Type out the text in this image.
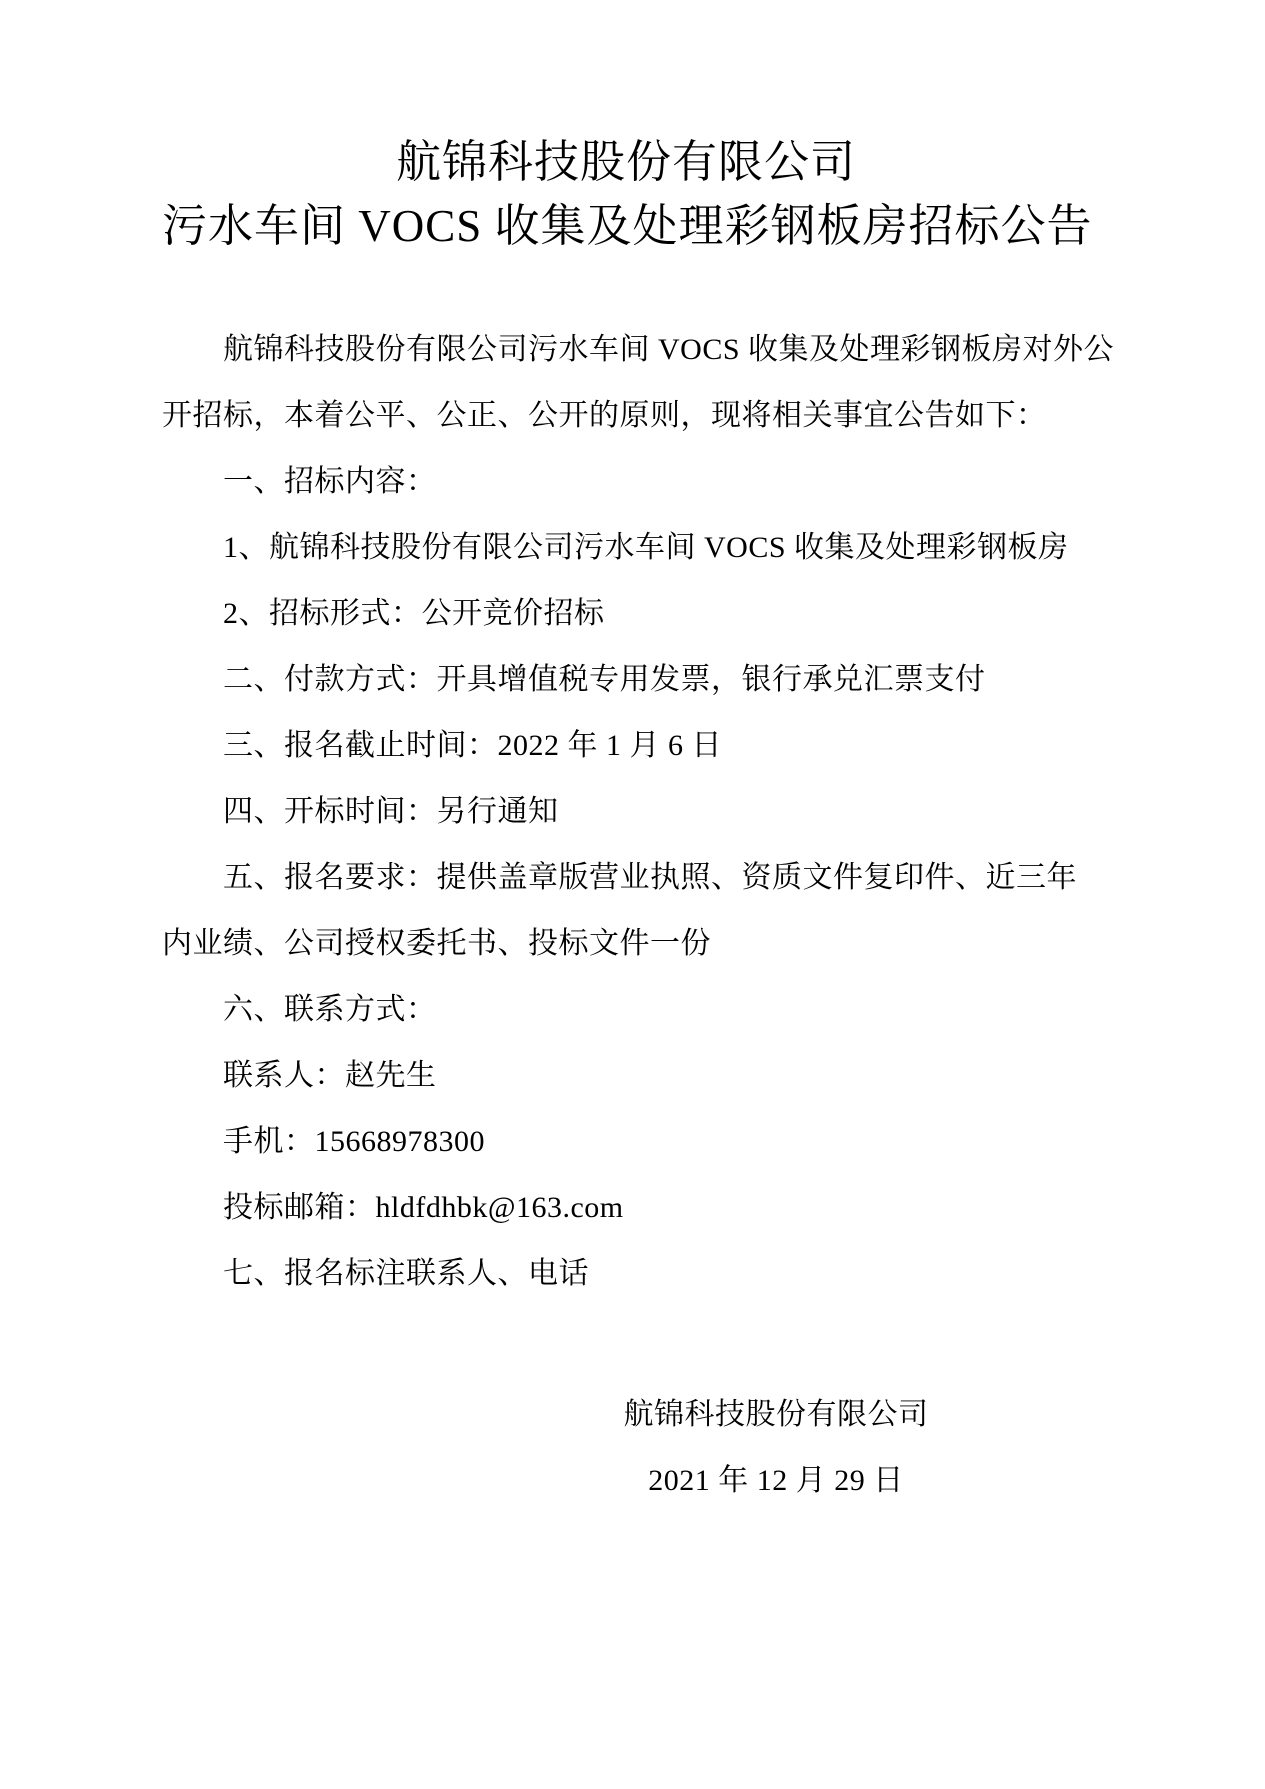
航锦科技股份有限公司
污水车间 VOCS 收集及处理彩钢板房招标公告
航锦科技股份有限公司污水车间 VOCS 收集及处理彩钢板房对外公
开招标，本着公平、公正、公开的原则，现将相关事宜公告如下：
一、招标内容：
1、航锦科技股份有限公司污水车间 VOCS 收集及处理彩钢板房
2、招标形式：公开竞价招标
二、付款方式：开具增值税专用发票，银行承兑汇票支付
三、报名截止时间：2022 年 1 月 6 日
四、开标时间：另行通知
五、报名要求：提供盖章版营业执照、资质文件复印件、近三年
内业绩、公司授权委托书、投标文件一份
六、联系方式：
联系人：赵先生
手机：15668978300
投标邮箱：hldfdhbk@163.com
七、报名标注联系人、电话
航锦科技股份有限公司
2021 年 12 月 29 日
